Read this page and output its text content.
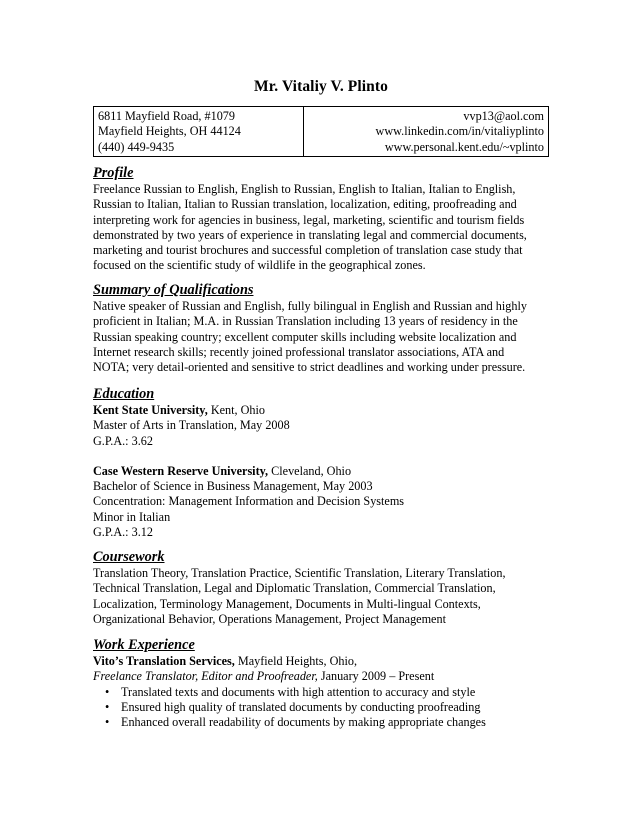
Mr. Vitaliy V. Plinto
6811 Mayfield Road, #1079
Mayfield Heights, OH 44124
(440) 449-9435

vvp13@aol.com
www.linkedin.com/in/vitaliyplinto
www.personal.kent.edu/~vplinto

Profile

Freelance Russian to English, English to Russian, English to Italian, Italian to English,
Russian to Italian, Italian to Russian translation, localization, editing, proofreading and
interpreting work for agencies in business, legal, marketing, scientific and tourism fields
demonstrated by two years of experience in translating legal and commercial documents,
marketing and tourist brochures and successful completion of translation case study that
focused on the scientific study of wildlife in the geographical zones.

Summary of Qualifications

Native speaker of Russian and English, fully bilingual in English and Russian and highly
proficient in Italian; M.A. in Russian Translation including 13 years of residency in the
Russian speaking country; excellent computer skills including website localization and
Internet research skills; recently joined professional translator associations, ATA and
NOTA; very detail-oriented and sensitive to strict deadlines and working under pressure.

Education

Kent State University, Kent, Ohio
Master of Arts in Translation, May 2008
G.P.A.: 3.62

Case Western Reserve University, Cleveland, Ohio
Bachelor of Science in Business Management, May 2003
Concentration: Management Information and Decision Systems
Minor in Italian
G.P.A.: 3.12

Coursework

Translation Theory, Translation Practice, Scientific Translation, Literary Translation,
Technical Translation, Legal and Diplomatic Translation, Commercial Translation,
Localization, Terminology Management, Documents in Multi-lingual Contexts,
Organizational Behavior, Operations Management, Project Management

Work Experience

Vito’s Translation Services, Mayfield Heights, Ohio,
Freelance Translator, Editor and Proofreader, January 2009 – Present

• Translated texts and documents with high attention to accuracy and style
• Ensured high quality of translated documents by conducting proofreading
• Enhanced overall readability of documents by making appropriate changes
